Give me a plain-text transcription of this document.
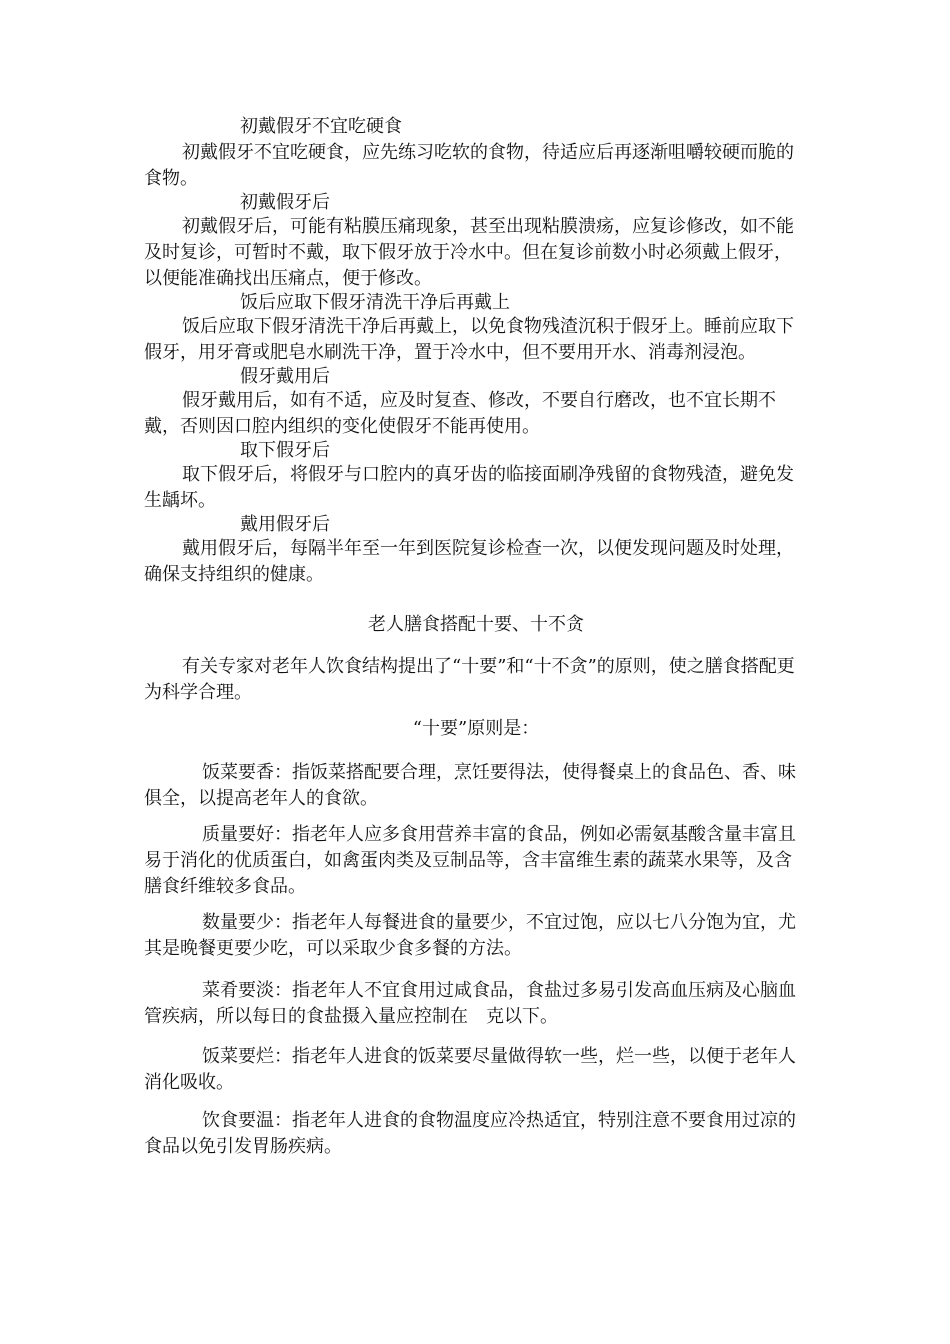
初戴假牙不宜吃硬食

初戴假牙不宜吃硬食，应先练习吃软的食物，待适应后再逐渐咀嚼较硬而脆的食物。

初戴假牙后

初戴假牙后，可能有粘膜压痛现象，甚至出现粘膜溃疡，应复诊修改，如不能及时复诊，可暂时不戴，取下假牙放于冷水中。但在复诊前数小时必须戴上假牙，以便能准确找出压痛点，便于修改。

饭后应取下假牙清洗干净后再戴上

饭后应取下假牙清洗干净后再戴上，以免食物残渣沉积于假牙上。睡前应取下假牙，用牙膏或肥皂水刷洗干净，置于冷水中，但不要用开水、消毒剂浸泡。

假牙戴用后

假牙戴用后，如有不适，应及时复查、修改，不要自行磨改，也不宜长期不戴，否则因口腔内组织的变化使假牙不能再使用。

取下假牙后

取下假牙后，将假牙与口腔内的真牙齿的临接面刷净残留的食物残渣，避免发生龋坏。

戴用假牙后

戴用假牙后，每隔半年至一年到医院复诊检查一次，以便发现问题及时处理，确保支持组织的健康。

老人膳食搭配十要、十不贪

有关专家对老年人饮食结构提出了“十要”和“十不贪”的原则，使之膳食搭配更为科学合理。

“十要”原则是：

饭菜要香：指饭菜搭配要合理，烹饪要得法，使得餐桌上的食品色、香、味俱全，以提高老年人的食欲。

质量要好：指老年人应多食用营养丰富的食品，例如必需氨基酸含量丰富且易于消化的优质蛋白，如禽蛋肉类及豆制品等，含丰富维生素的蔬菜水果等，及含膳食纤维较多食品。

数量要少：指老年人每餐进食的量要少，不宜过饱，应以七八分饱为宜，尤其是晚餐更要少吃，可以采取少食多餐的方法。

菜肴要淡：指老年人不宜食用过咸食品，食盐过多易引发高血压病及心脑血管疾病，所以每日的食盐摄入量应控制在　克以下。

饭菜要烂：指老年人进食的饭菜要尽量做得软一些，烂一些，以便于老年人消化吸收。

饮食要温：指老年人进食的食物温度应冷热适宜，特别注意不要食用过凉的食品以免引发胃肠疾病。
